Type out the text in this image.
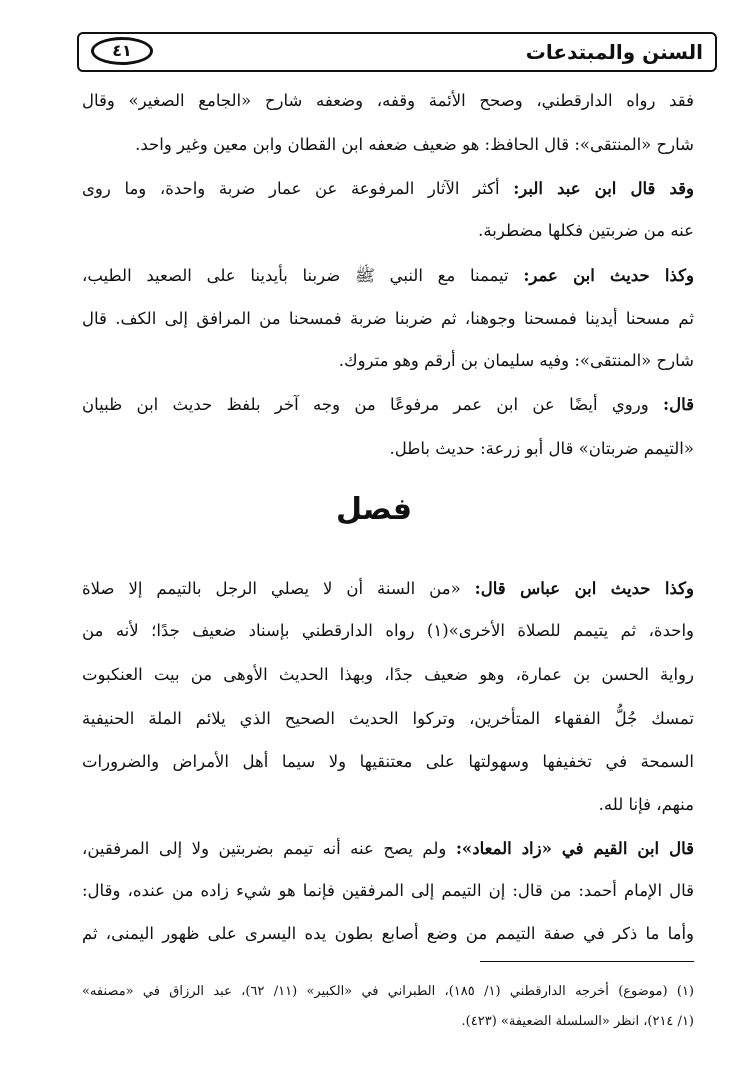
السنن والمبتدعات
٤١
فقد رواه الدارقطني، وصحح الأئمة وقفه، وضعفه شارح «الجامع الصغير» وقال
شارح «المنتقى»: قال الحافظ: هو ضعيف ضعفه ابن القطان وابن معين وغير واحد.
وقد قال ابن عبد البر: أكثر الآثار المرفوعة عن عمار ضربة واحدة، وما روى
عنه من ضربتين فكلها مضطربة.
وكذا حديث ابن عمر: تيممنا مع النبي ﷺ ضربنا بأيدينا على الصعيد الطيب،
ثم مسحنا أيدينا فمسحنا وجوهنا، ثم ضربنا ضربة فمسحنا من المرافق إلى الكف. قال
شارح «المنتقى»: وفيه سليمان بن أرقم وهو متروك.
قال: وروي أيضًا عن ابن عمر مرفوعًا من وجه آخر بلفظ حديث ابن ظبيان
«التيمم ضربتان» قال أبو زرعة: حديث باطل.
فصل
وكذا حديث ابن عباس قال: «من السنة أن لا يصلي الرجل بالتيمم إلا صلاة
واحدة، ثم يتيمم للصلاة الأخرى»(١) رواه الدارقطني بإسناد ضعيف جدًا؛ لأنه من
رواية الحسن بن عمارة، وهو ضعيف جدًا، وبهذا الحديث الأوهى من بيت العنكبوت
تمسك جُلُّ الفقهاء المتأخرين، وتركوا الحديث الصحيح الذي يلائم الملة الحنيفية
السمحة في تخفيفها وسهولتها على معتنقيها ولا سيما أهل الأمراض والضرورات
منهم، فإنا لله.
قال ابن القيم في «زاد المعاد»: ولم يصح عنه أنه تيمم بضربتين ولا إلى المرفقين،
قال الإمام أحمد: من قال: إن التيمم إلى المرفقين فإنما هو شيء زاده من عنده، وقال:
وأما ما ذكر في صفة التيمم من وضع أصابع بطون يده اليسرى على ظهور اليمنى، ثم
(١) (موضوع) أخرجه الدارقطني (١/ ١٨٥)، الطبراني في «الكبير» (١١/ ٦٢)، عبد الرزاق في «مصنفه»
(١/ ٢١٤)، انظر «السلسلة الضعيفة» (٤٢٣).
